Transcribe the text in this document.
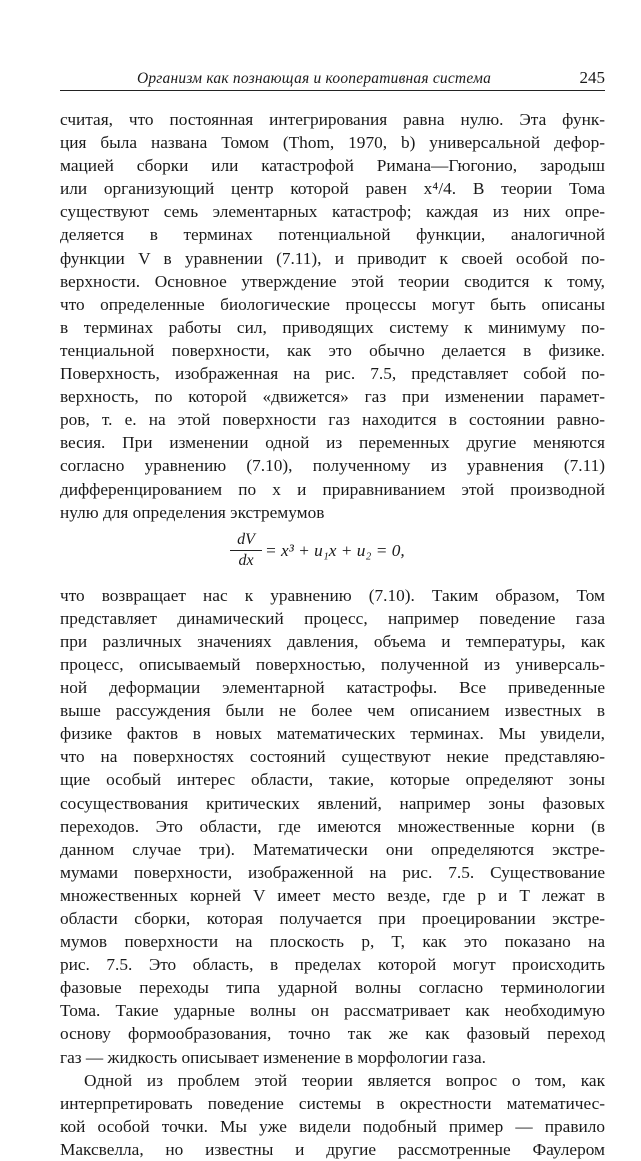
Организм как познающая и кооперативная система	245
считая, что постоянная интегрирования равна нулю. Эта функ-
ция была названа Томом (Thom, 1970, b) универсальной дефор-
мацией сборки или катастрофой Римана—Гюгонио, зародыш
или организующий центр которой равен x⁴/4. В теории Тома
существуют семь элементарных катастроф; каждая из них опре-
деляется в терминах потенциальной функции, аналогичной
функции V в уравнении (7.11), и приводит к своей особой по-
верхности. Основное утверждение этой теории сводится к тому,
что определенные биологические процессы могут быть описаны
в терминах работы сил, приводящих систему к минимуму по-
тенциальной поверхности, как это обычно делается в физике.
Поверхность, изображенная на рис. 7.5, представляет собой по-
верхность, по которой «движется» газ при изменении парамет-
ров, т. е. на этой поверхности газ находится в состоянии равно-
весия. При изменении одной из переменных другие меняются
согласно уравнению (7.10), полученному из уравнения (7.11)
дифференцированием по x и приравниванием этой производной
нулю для определения экстремумов
$\frac{dV}{dx} = x^3 + u_1x + u_2 = 0$,
что возвращает нас к уравнению (7.10). Таким образом, Том
представляет динамический процесс, например поведение газа
при различных значениях давления, объема и температуры, как
процесс, описываемый поверхностью, полученной из универсаль-
ной деформации элементарной катастрофы. Все приведенные
выше рассуждения были не более чем описанием известных в
физике фактов в новых математических терминах. Мы увидели,
что на поверхностях состояний существуют некие представляю-
щие особый интерес области, такие, которые определяют зоны
сосуществования критических явлений, например зоны фазовых
переходов. Это области, где имеются множественные корни (в
данном случае три). Математически они определяются экстре-
мумами поверхности, изображенной на рис. 7.5. Существование
множественных корней V имеет место везде, где p и T лежат в
области сборки, которая получается при проецировании экстре-
мумов поверхности на плоскость p, T, как это показано на
рис. 7.5. Это область, в пределах которой могут происходить
фазовые переходы типа ударной волны согласно терминологии
Тома. Такие ударные волны он рассматривает как необходимую
основу формообразования, точно так же как фазовый переход
газ — жидкость описывает изменение в морфологии газа.
Одной из проблем этой теории является вопрос о том, как
интерпретировать поведение системы в окрестности математичес-
кой особой точки. Мы уже видели подобный пример — правило
Максвелла, но известны и другие рассмотренные Фаулером
